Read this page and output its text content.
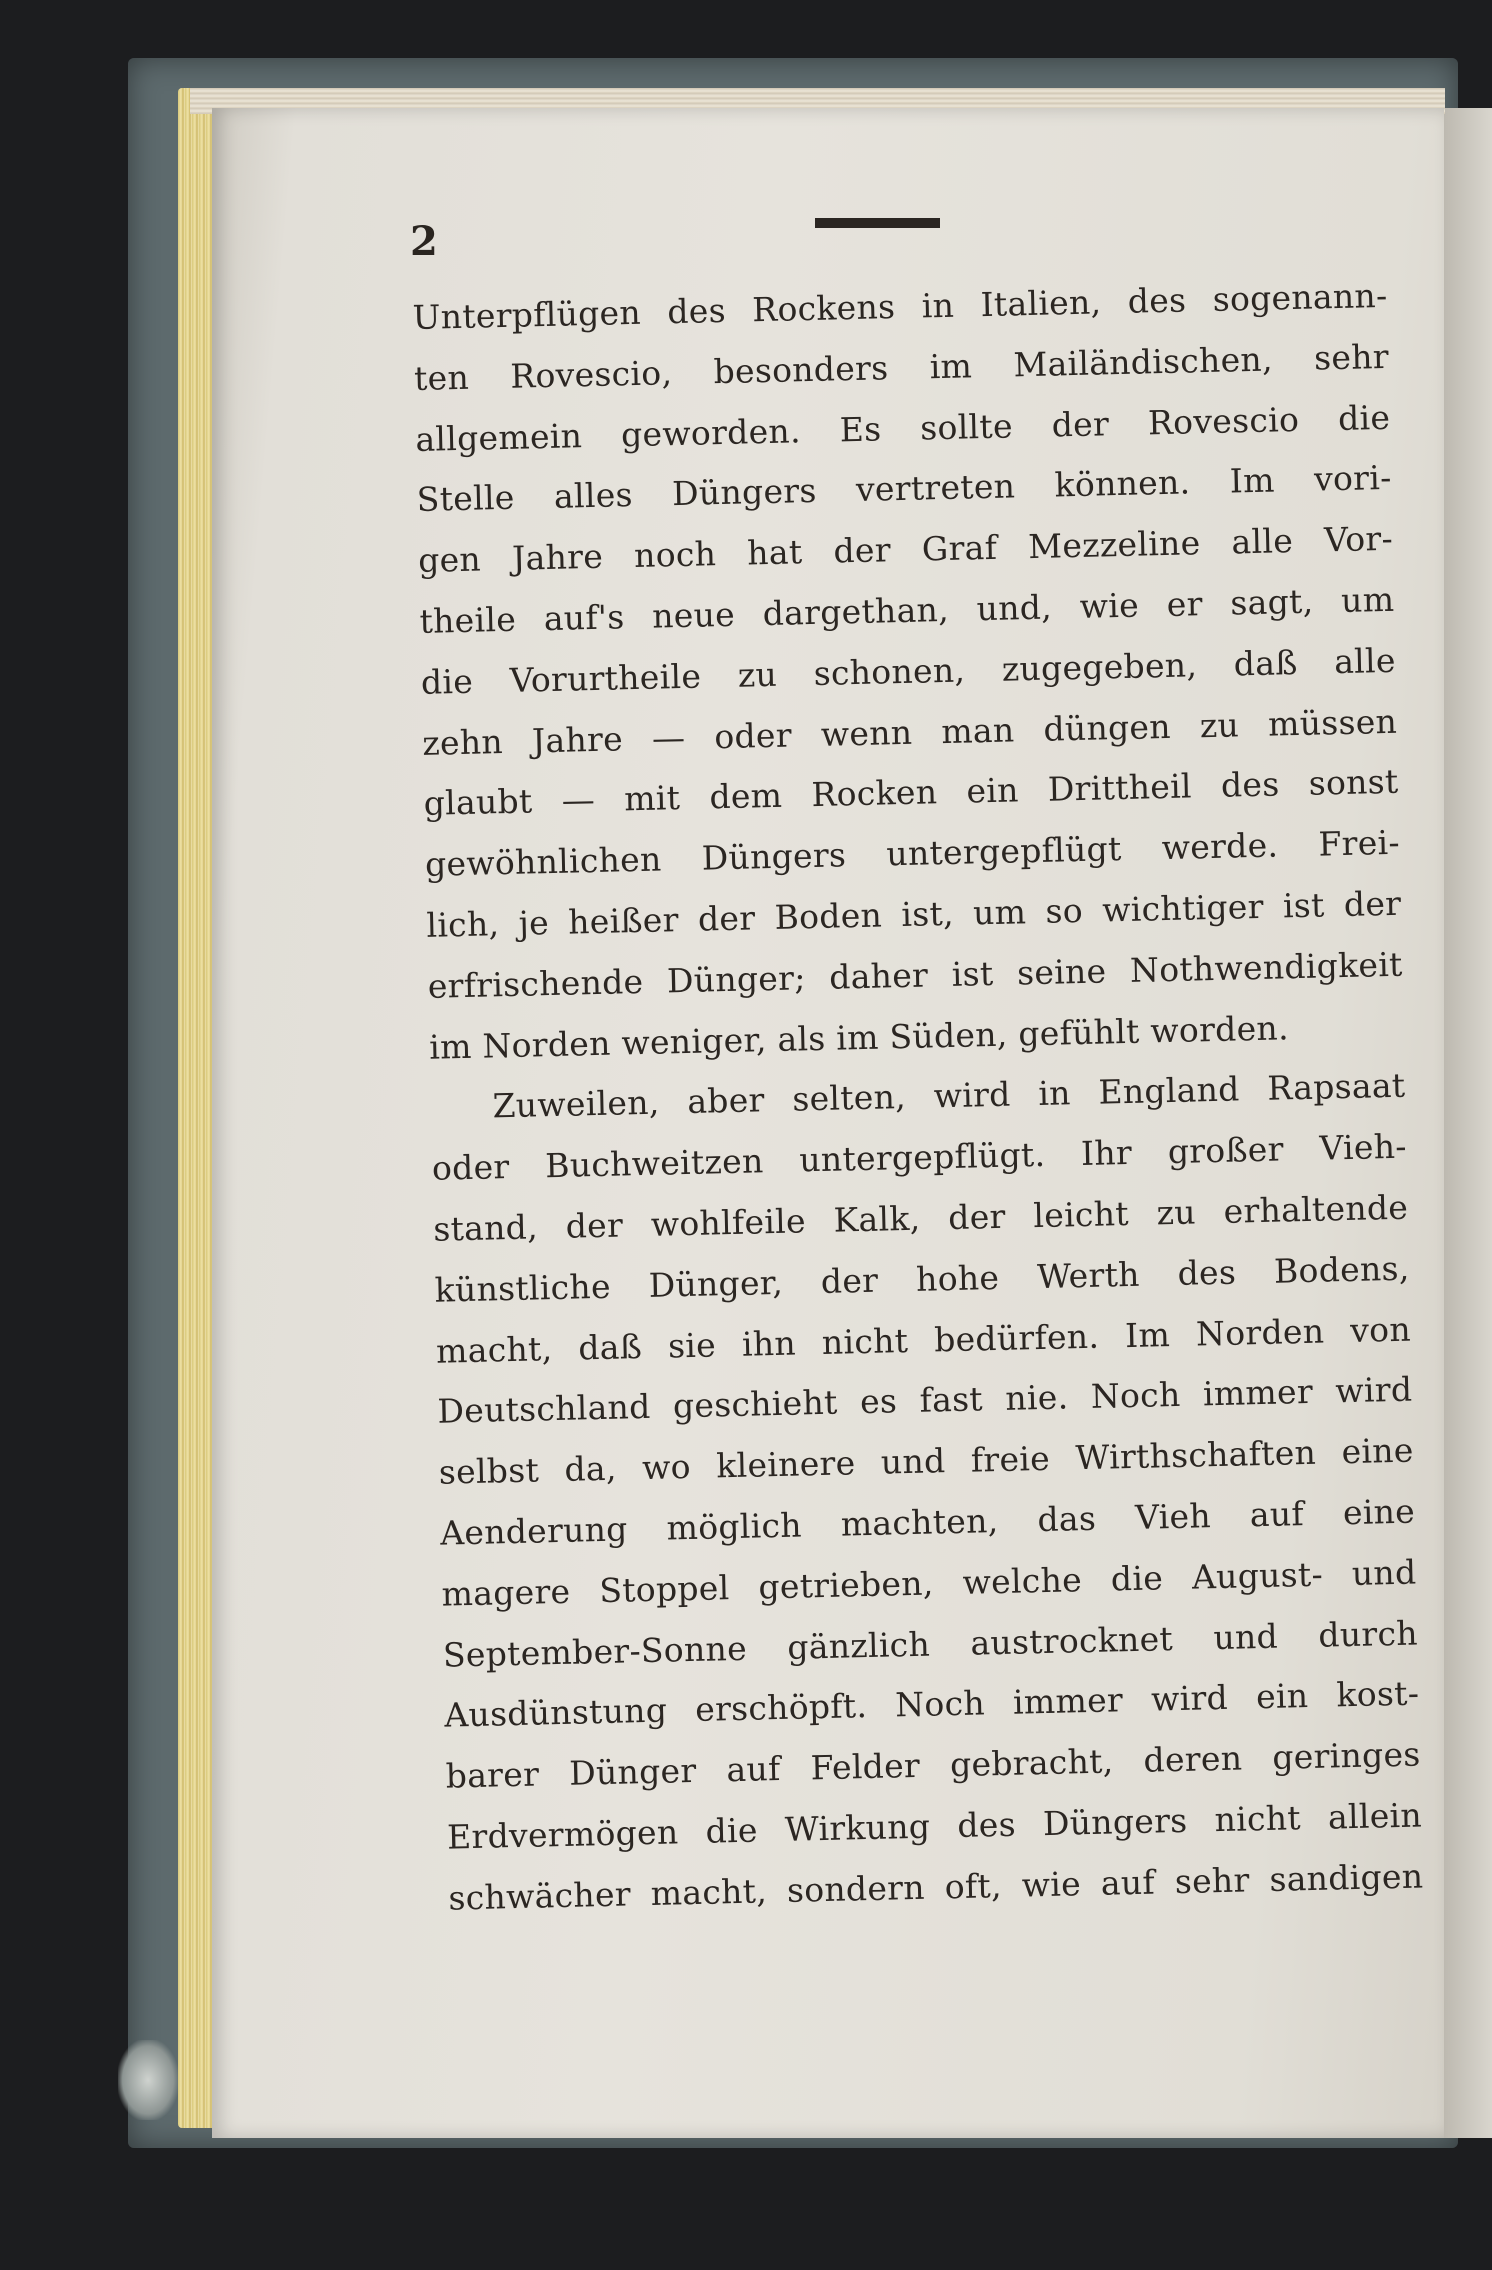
2
Unterpflügen des Rockens in Italien, des sogenann-
ten Rovescio, besonders im Mailändischen, sehr
allgemein geworden. Es sollte der Rovescio die
Stelle alles Düngers vertreten können. Im vori-
gen Jahre noch hat der Graf Mezzeline alle Vor-
theile auf's neue dargethan, und, wie er sagt, um
die Vorurtheile zu schonen, zugegeben, daß alle
zehn Jahre — oder wenn man düngen zu müssen
glaubt — mit dem Rocken ein Drittheil des sonst
gewöhnlichen Düngers untergepflügt werde. Frei-
lich, je heißer der Boden ist, um so wichtiger ist der
erfrischende Dünger; daher ist seine Nothwendigkeit
im Norden weniger, als im Süden, gefühlt worden.
Zuweilen, aber selten, wird in England Rapsaat
oder Buchweitzen untergepflügt. Ihr großer Vieh-
stand, der wohlfeile Kalk, der leicht zu erhaltende
künstliche Dünger, der hohe Werth des Bodens,
macht, daß sie ihn nicht bedürfen. Im Norden von
Deutschland geschieht es fast nie. Noch immer wird
selbst da, wo kleinere und freie Wirthschaften eine
Aenderung möglich machten, das Vieh auf eine
magere Stoppel getrieben, welche die August- und
September-Sonne gänzlich austrocknet und durch
Ausdünstung erschöpft. Noch immer wird ein kost-
barer Dünger auf Felder gebracht, deren geringes
Erdvermögen die Wirkung des Düngers nicht allein
schwächer macht, sondern oft, wie auf sehr sandigen
